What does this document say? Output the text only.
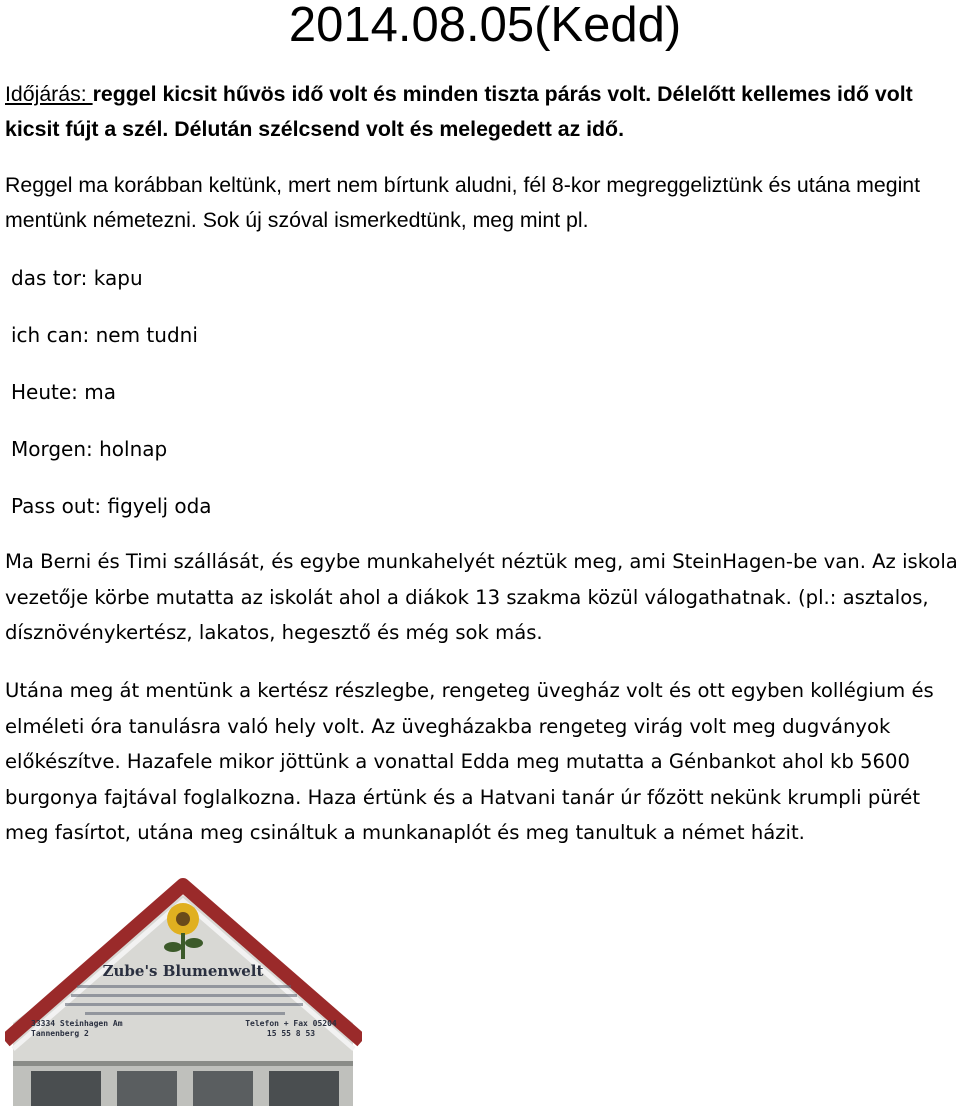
2014.08.05(Kedd)
Időjárás: reggel kicsit hűvös idő volt és minden tiszta párás volt. Délelőtt kellemes idő volt kicsit fújt a szél. Délután szélcsend volt és melegedett az idő.
Reggel ma korábban keltünk, mert nem bírtunk aludni, fél 8-kor megreggeliztünk és utána megint mentünk németezni. Sok új szóval ismerkedtünk, meg mint pl.
das tor: kapu
ich can: nem tudni
Heute: ma
Morgen: holnap
Pass out: figyelj oda
Ma Berni és Timi szállását, és egybe munkahelyét néztük meg, ami SteinHagen-be van. Az iskola vezetője körbe mutatta az iskolát ahol a diákok 13 szakma közül válogathatnak. (pl.: asztalos, dísznövénykertész, lakatos, hegesztő és még sok más.
Utána meg át mentünk a kertész részlegbe, rengeteg üvegház volt és ott egyben kollégium és elméleti óra tanulásra való hely volt. Az üvegházakba rengeteg virág volt meg dugványok előkészítve. Hazafele mikor jöttünk a vonattal Edda meg mutatta a Génbankot ahol kb 5600 burgonya fajtával foglalkozna. Haza értünk és a Hatvani tanár úr főzött nekünk krumpli pürét meg fasírtot, utána meg csináltuk a munkanaplót és meg tanultuk a német házit.
Zube's Blumenwelt
33334 Steinhagen Am Tannenberg 2
Telefon + Fax 05204 15 55 8 53
